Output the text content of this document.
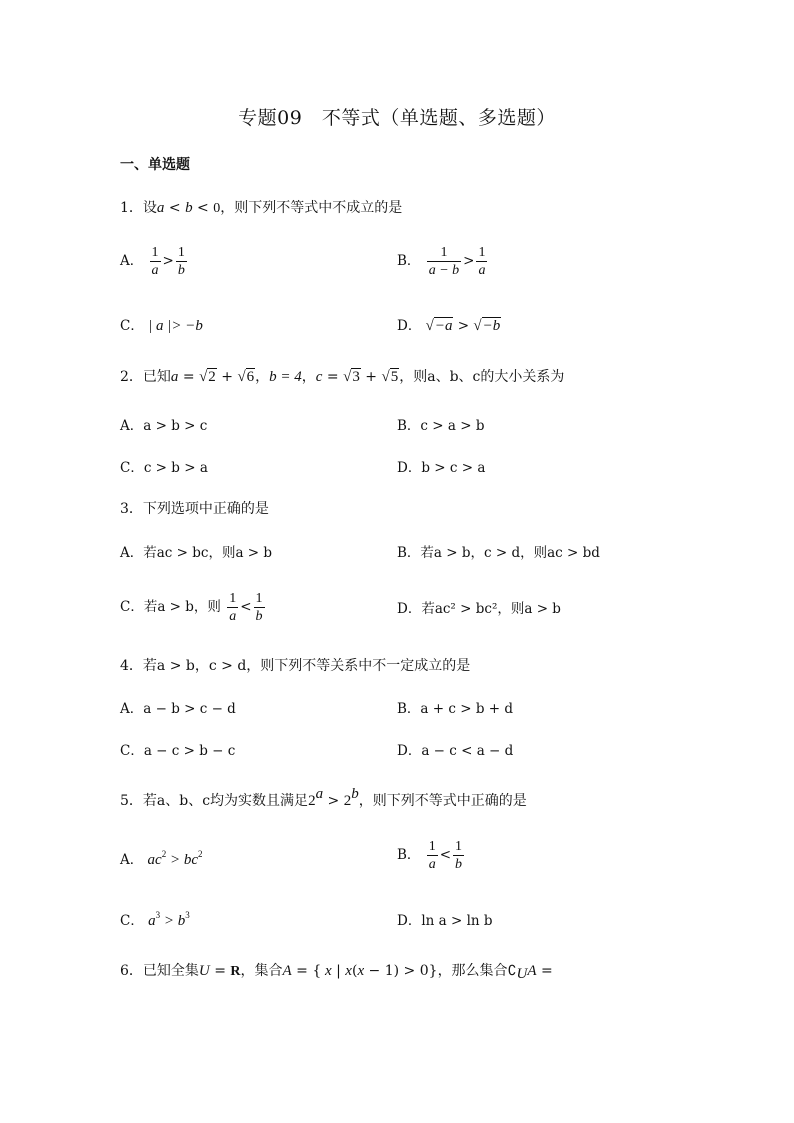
专题09　不等式（单选题、多选题）
一、单选题
1．设a < b < 0，则下列不等式中不成立的是
A． $\frac{1}{a} > \frac{1}{b}$	B． $\frac{1}{a - b} > \frac{1}{a}$
C． | a |> −b	D． √−a > √−b
2．已知a = √2 + √6，b = 4，c = √3 + √5，则a、b、c的大小关系为
A．a > b > c	B．c > a > b
C．c > b > a	D．b > c > a
3．下列选项中正确的是
A．若ac > bc，则a > b	B．若a > b，c > d，则ac > bd
C．若a > b，则 $\frac{1}{a} < \frac{1}{b}$	D．若ac² > bc²，则a > b
4．若a > b，c > d，则下列不等关系中不一定成立的是
A．a − b > c − d	B．a + c > b + d
C．a − c > b − c	D．a − c < a − d
5．若a、b、c均为实数且满足$2^a > 2^b$，则下列不等式中正确的是
A． $ac^2 > bc^2$	B． $\frac{1}{a} < \frac{1}{b}$
C． $a^3 > b^3$	D．ln a > ln b
6．已知全集U = R，集合A = { x | x(x − 1) > 0}，那么集合$∁_UA$ =
